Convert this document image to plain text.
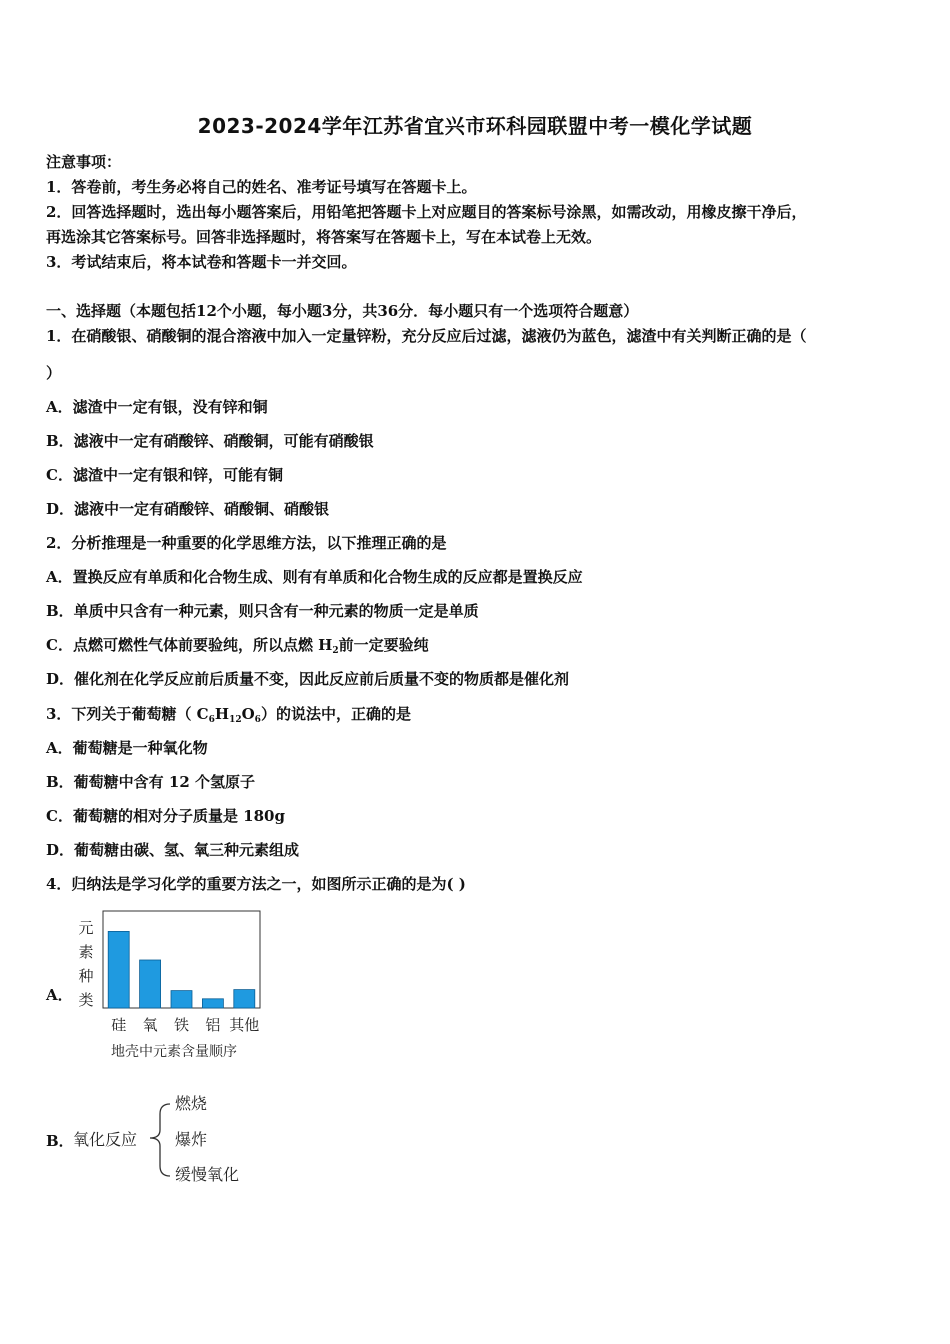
2023-2024学年江苏省宜兴市环科园联盟中考一模化学试题
注意事项：
1．答卷前，考生务必将自己的姓名、准考证号填写在答题卡上。
2．回答选择题时，选出每小题答案后，用铅笔把答题卡上对应题目的答案标号涂黑，如需改动，用橡皮擦干净后，
再选涂其它答案标号。回答非选择题时，将答案写在答题卡上，写在本试卷上无效。
3．考试结束后，将本试卷和答题卡一并交回。
一、选择题（本题包括12个小题，每小题3分，共36分．每小题只有一个选项符合题意）
1．在硝酸银、硝酸铜的混合溶液中加入一定量锌粉，充分反应后过滤，滤液仍为蓝色，滤渣中有关判断正确的是（
）
A．滤渣中一定有银，没有锌和铜
B．滤液中一定有硝酸锌、硝酸铜，可能有硝酸银
C．滤渣中一定有银和锌，可能有铜
D．滤液中一定有硝酸锌、硝酸铜、硝酸银
2．分析推理是一种重要的化学思维方法，以下推理正确的是
A．置换反应有单质和化合物生成、则有有单质和化合物生成的反应都是置换反应
B．单质中只含有一种元素，则只含有一种元素的物质一定是单质
C．点燃可燃性气体前要验纯，所以点燃 $H_2$前一定要验纯
D．催化剂在化学反应前后质量不变，因此反应前后质量不变的物质都是催化剂
3．下列关于葡萄糖（ $C_6H_{12}O_6$）的说法中，正确的是
A．葡萄糖是一种氧化物
B．葡萄糖中含有 12 个氢原子
C．葡萄糖的相对分子质量是 180g
D．葡萄糖由碳、氢、氧三种元素组成
4．归纳法是学习化学的重要方法之一，如图所示正确的是为( )
A．
元
素
种
类
硅 氧 铁 铝 其他
地壳中元素含量顺序
B． 氧化反应
燃烧
爆炸
缓慢氧化
